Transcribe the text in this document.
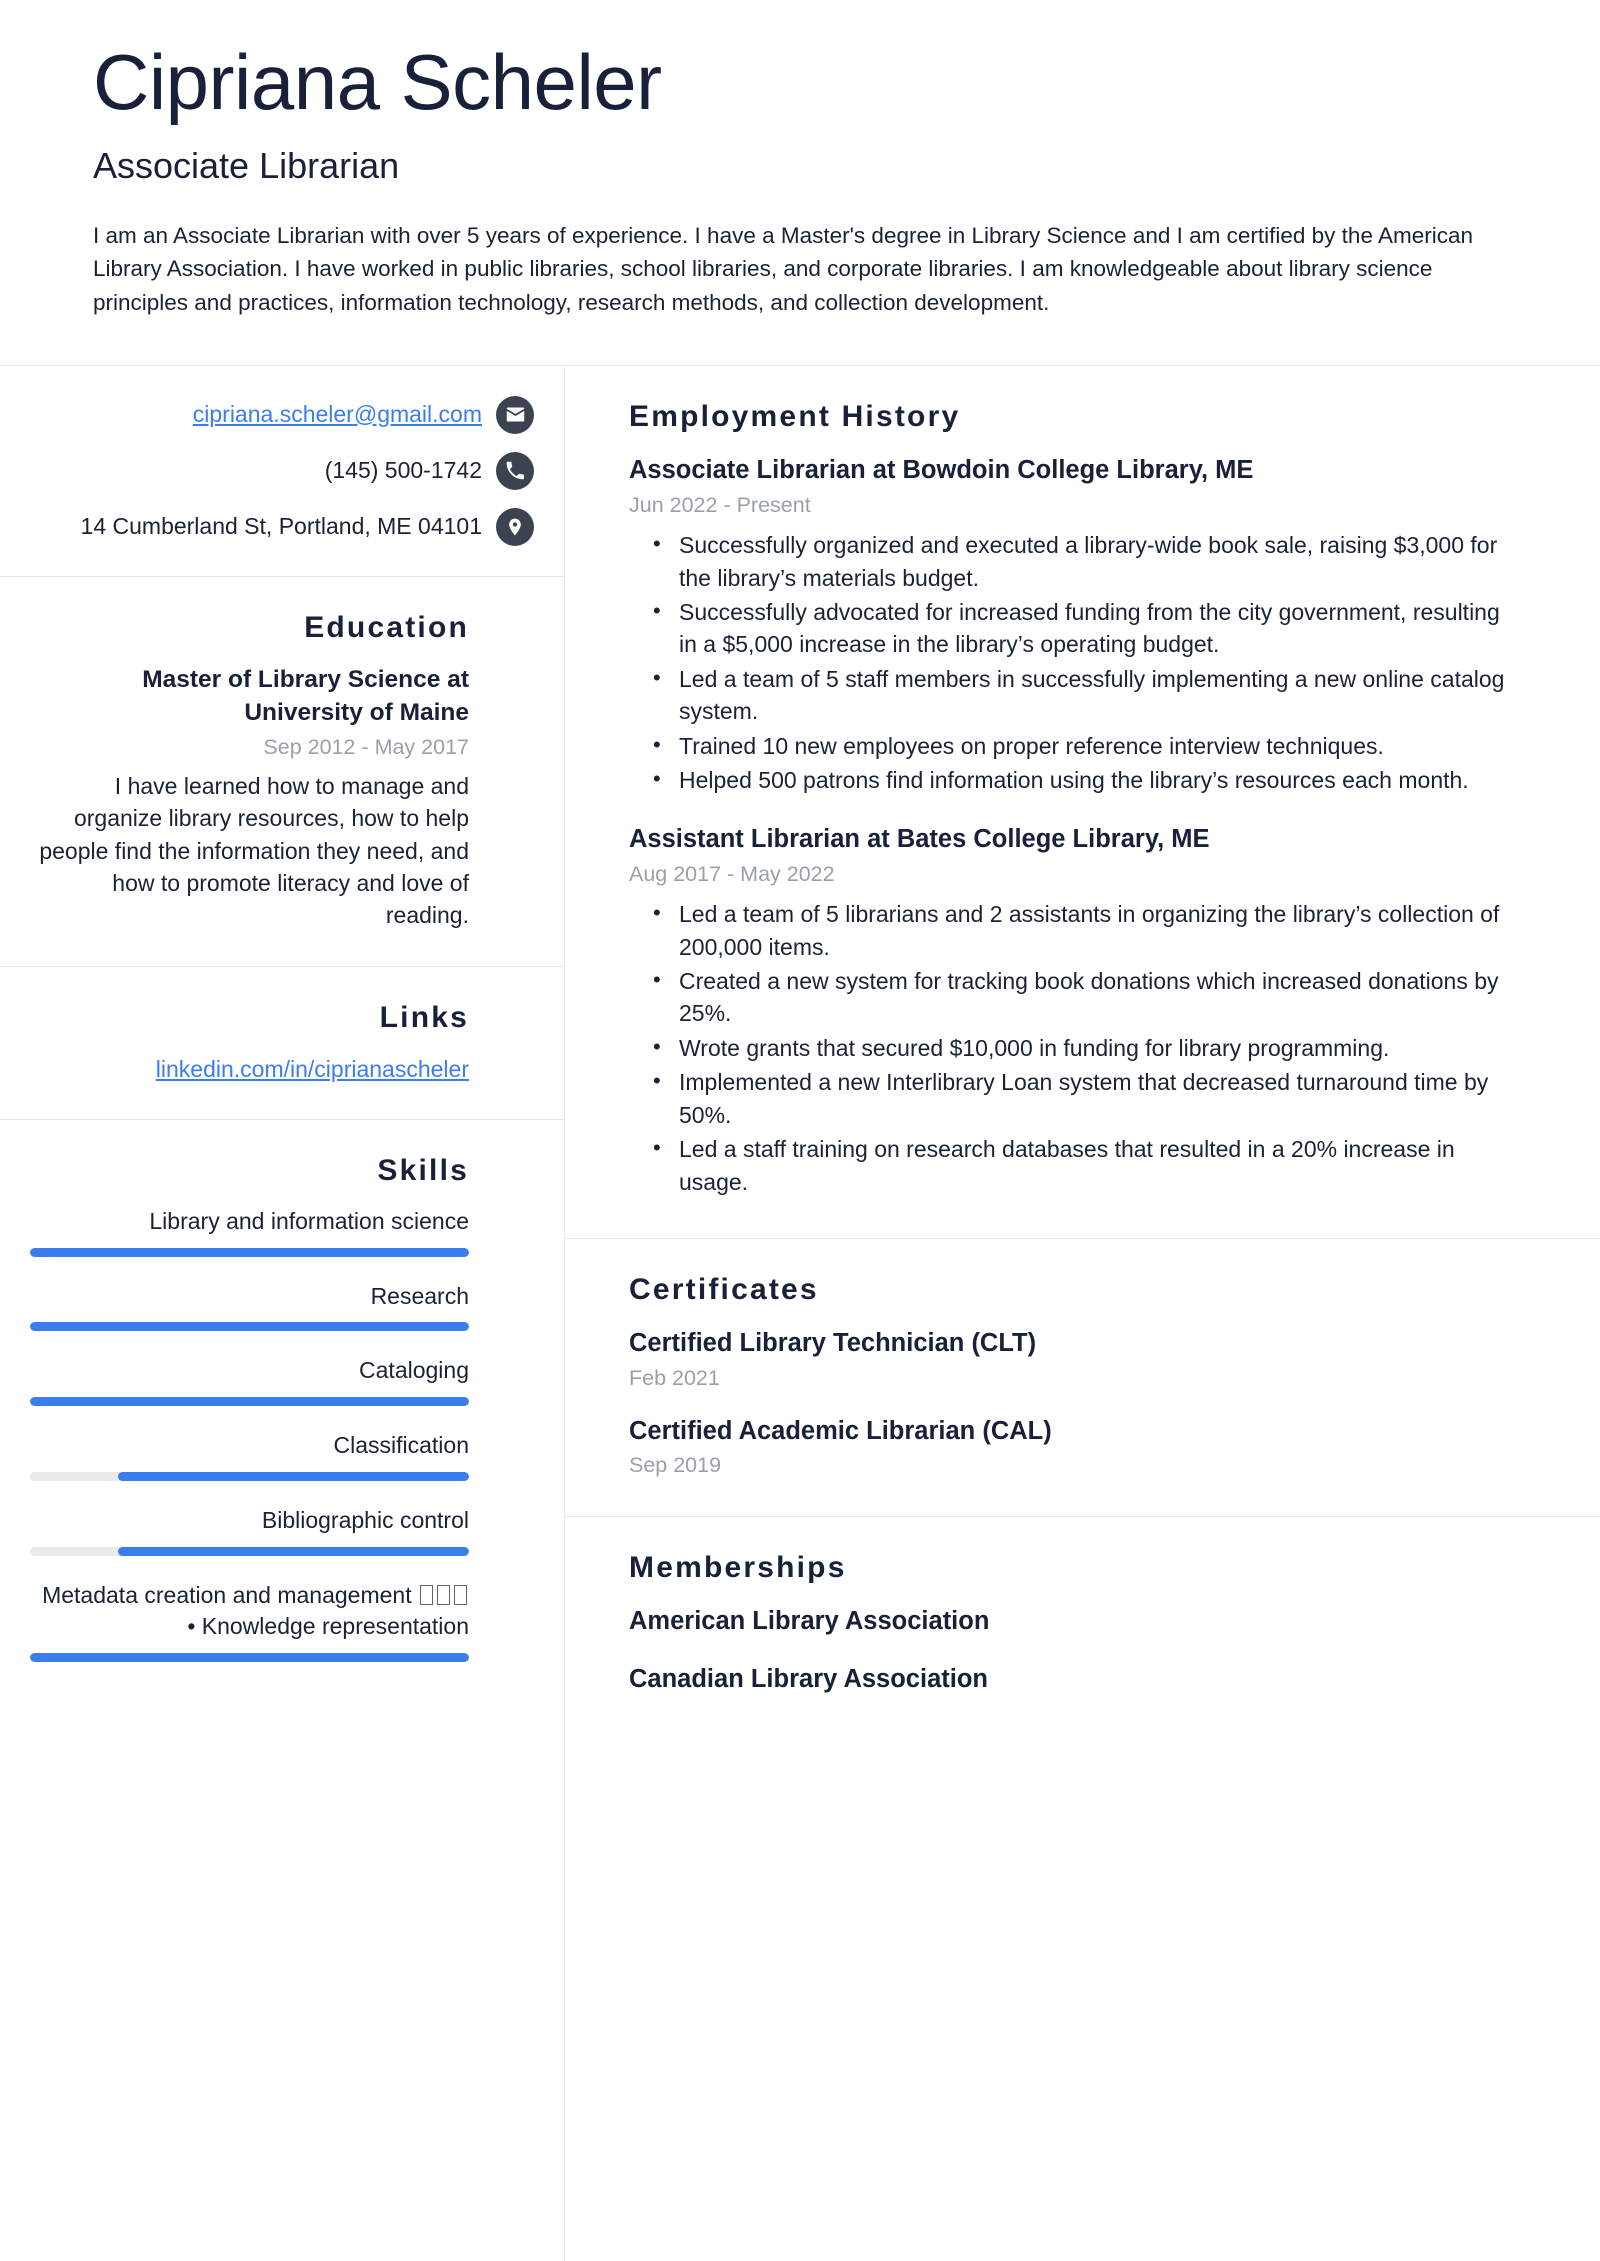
Cipriana Scheler
Associate Librarian

I am an Associate Librarian with over 5 years of experience. I have a Master's degree in Library Science and I am certified by the American Library Association. I have worked in public libraries, school libraries, and corporate libraries. I am knowledgeable about library science principles and practices, information technology, research methods, and collection development.

cipriana.scheler@gmail.com
(145) 500-1742
14 Cumberland St, Portland, ME 04101
Education
Master of Library Science at University of Maine
Sep 2012 - May 2017
I have learned how to manage and organize library resources, how to help people find the information they need, and how to promote literacy and love of reading.
Links
linkedin.com/in/ciprianascheler
Skills
Library and information science
Research
Cataloging
Classification
Bibliographic control
Metadata creation and management  • Knowledge representation
Employment History
Associate Librarian at Bowdoin College Library, ME
Jun 2022 - Present
• Successfully organized and executed a library-wide book sale, raising $3,000 for the library’s materials budget.
• Successfully advocated for increased funding from the city government, resulting in a $5,000 increase in the library’s operating budget.
• Led a team of 5 staff members in successfully implementing a new online catalog system.
• Trained 10 new employees on proper reference interview techniques.
• Helped 500 patrons find information using the library’s resources each month.
Assistant Librarian at Bates College Library, ME
Aug 2017 - May 2022
• Led a team of 5 librarians and 2 assistants in organizing the library’s collection of 200,000 items.
• Created a new system for tracking book donations which increased donations by 25%.
• Wrote grants that secured $10,000 in funding for library programming.
• Implemented a new Interlibrary Loan system that decreased turnaround time by 50%.
• Led a staff training on research databases that resulted in a 20% increase in usage.
Certificates
Certified Library Technician (CLT)
Feb 2021
Certified Academic Librarian (CAL)
Sep 2019
Memberships
American Library Association
Canadian Library Association
